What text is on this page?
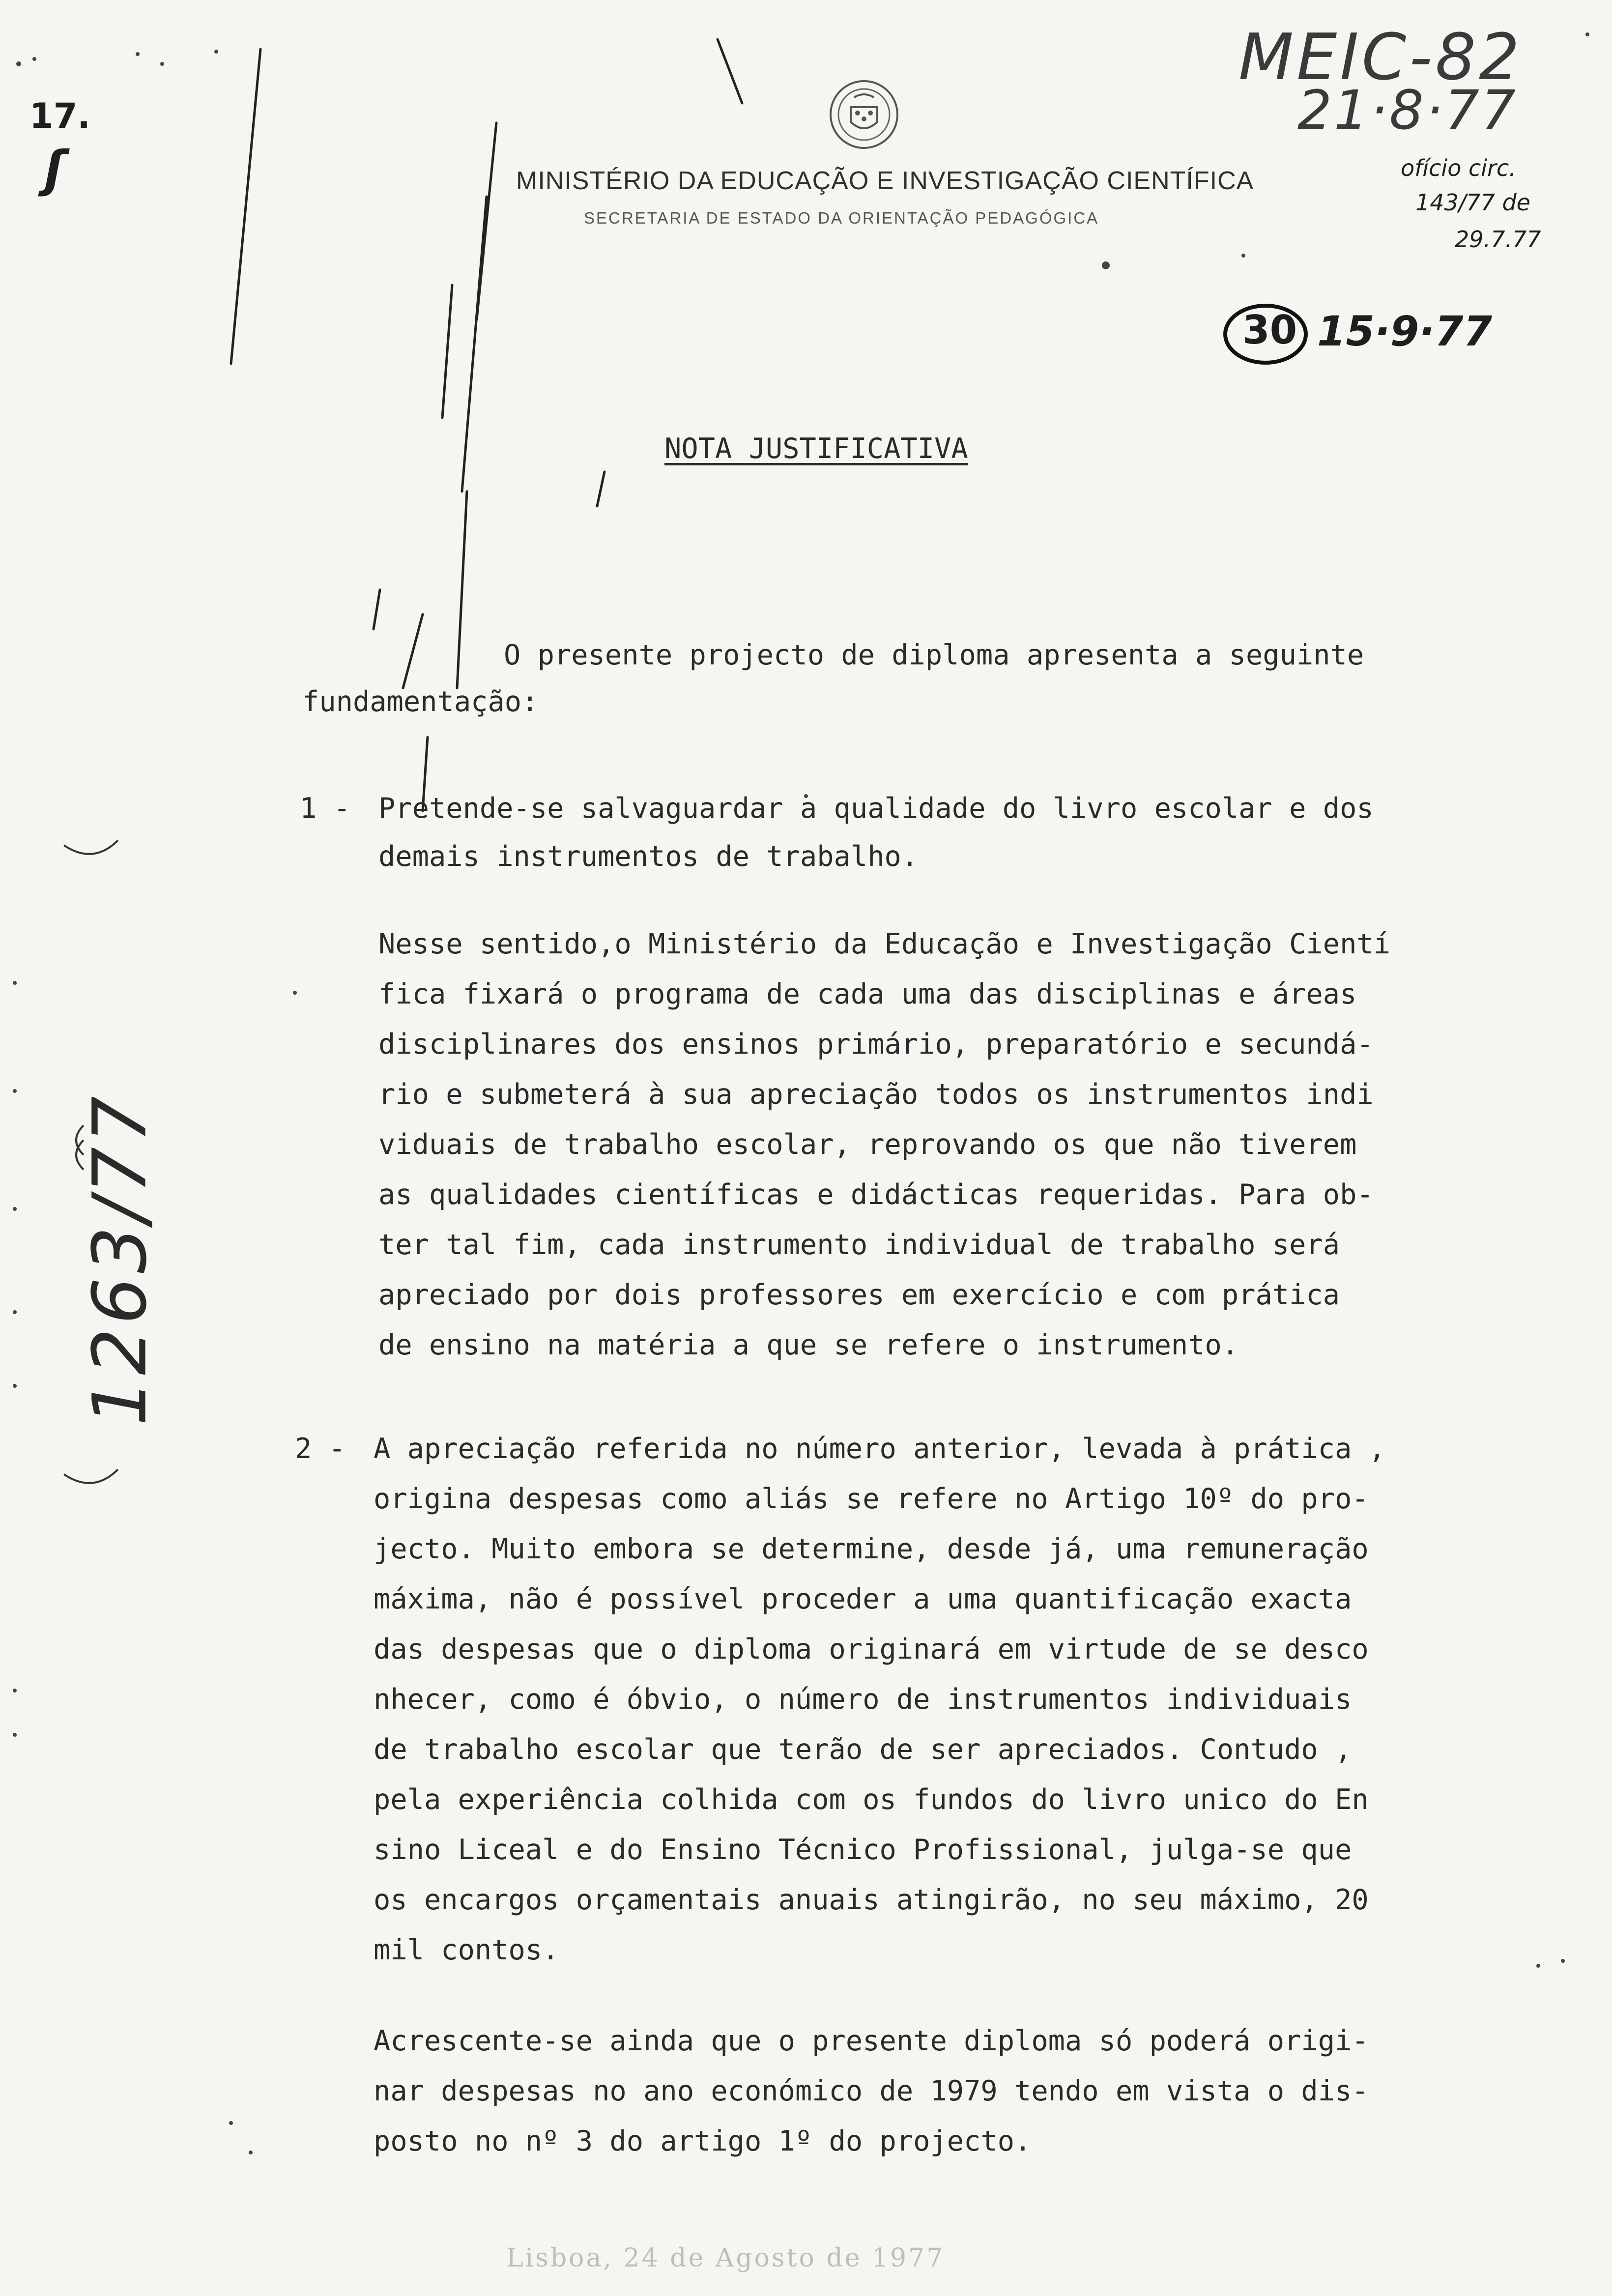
MINISTÉRIO DA EDUCAÇÃO E INVESTIGAÇÃO CIENTÍFICA
SECRETARIA DE ESTADO DA ORIENTAÇÃO PEDAGÓGICA
MEIC-82
21·8·77
ofício circ.
143/77 de
29.7.77
30 15·9·77
17.
ʃ
1263/77
NOTA JUSTIFICATIVA
O presente projecto de diploma apresenta a seguinte
fundamentação:
1 - Pretende-se salvaguardar a qualidade do livro escolar e dos
demais instrumentos de trabalho.
Nesse sentido,o Ministério da Educação e Investigação Cientí
fica fixará o programa de cada uma das disciplinas e áreas
disciplinares dos ensinos primário, preparatório e secundá-
rio e submeterá à sua apreciação todos os instrumentos indi
viduais de trabalho escolar, reprovando os que não tiverem
as qualidades científicas e didácticas requeridas. Para ob-
ter tal fim, cada instrumento individual de trabalho será
apreciado por dois professores em exercício e com prática
de ensino na matéria a que se refere o instrumento.
2 - A apreciação referida no número anterior, levada à prática ,
origina despesas como aliás se refere no Artigo 10º do pro-
jecto. Muito embora se determine, desde já, uma remuneração
máxima, não é possível proceder a uma quantificação exacta
das despesas que o diploma originará em virtude de se desco
nhecer, como é óbvio, o número de instrumentos individuais
de trabalho escolar que terão de ser apreciados. Contudo ,
pela experiência colhida com os fundos do livro unico do En
sino Liceal e do Ensino Técnico Profissional, julga-se que
os encargos orçamentais anuais atingirão, no seu máximo, 20
mil contos.
Acrescente-se ainda que o presente diploma só poderá origi-
nar despesas no ano económico de 1979 tendo em vista o dis-
posto no nº 3 do artigo 1º do projecto.
Lisboa, 24 de Agosto de 1977
